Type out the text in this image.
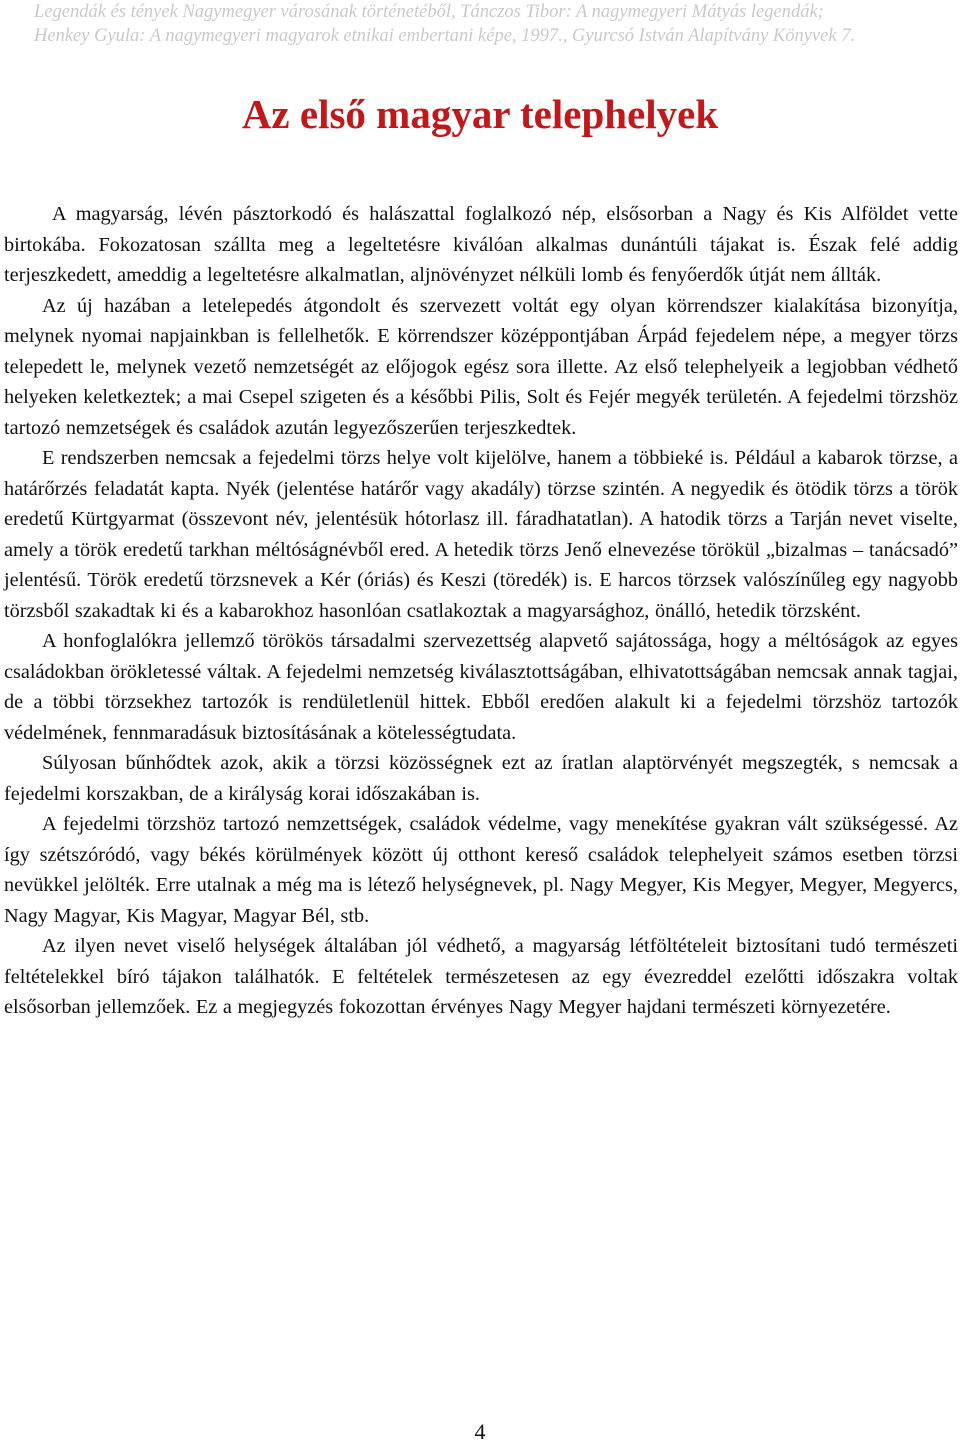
Legendák és tények Nagymegyer városának történetéből, Tánczos Tibor: A nagymegyeri Mátyás legendák;
Henkey Gyula: A nagymegyeri magyarok etnikai embertani képe, 1997., Gyurcsó István Alapítvány Könyvek 7.
Az első magyar telephelyek

A magyarság, lévén pásztorkodó és halászattal foglalkozó nép, elsősorban a Nagy és Kis Alföldet vette birtokába. Fokozatosan szállta meg a legeltetésre kiválóan alkalmas dunántúli tájakat is. Észak felé addig terjeszkedett, ameddig a legeltetésre alkalmatlan, aljnövényzet nélküli lomb és fenyőerdők útját nem állták.

Az új hazában a letelepedés átgondolt és szervezett voltát egy olyan körrendszer kialakítása bizonyítja, melynek nyomai napjainkban is fellelhetők. E körrendszer középpontjában Árpád fejedelem népe, a megyer törzs telepedett le, melynek vezető nemzetségét az előjogok egész sora illette. Az első telephelyeik a legjobban védhető helyeken keletkeztek; a mai Csepel szigeten és a későbbi Pilis, Solt és Fejér megyék területén. A fejedelmi törzshöz tartozó nemzetségek és családok azután legyezőszerűen terjeszkedtek.

E rendszerben nemcsak a fejedelmi törzs helye volt kijelölve, hanem a többieké is. Például a kabarok törzse, a határőrzés feladatát kapta. Nyék (jelentése határőr vagy akadály) törzse szintén. A negyedik és ötödik törzs a török eredetű Kürtgyarmat (összevont név, jelentésük hótorlasz ill. fáradhatatlan). A hatodik törzs a Tarján nevet viselte, amely a török eredetű tarkhan méltóságnévből ered. A hetedik törzs Jenő elnevezése törökül „bizalmas – tanácsadó” jelentésű. Török eredetű törzsnevek a Kér (óriás) és Keszi (töredék) is. E harcos törzsek valószínűleg egy nagyobb törzsből szakadtak ki és a kabarokhoz hasonlóan csatlakoztak a magyarsághoz, önálló, hetedik törzsként.

A honfoglalókra jellemző törökös társadalmi szervezettség alapvető sajátossága, hogy a méltóságok az egyes családokban örökletessé váltak. A fejedelmi nemzetség kiválasztottságában, elhivatottságában nemcsak annak tagjai, de a többi törzsekhez tartozók is rendületlenül hittek. Ebből eredően alakult ki a fejedelmi törzshöz tartozók védelmének, fennmaradásuk biztosításának a kötelességtudata.

Súlyosan bűnhődtek azok, akik a törzsi közösségnek ezt az íratlan alaptörvényét megszegték, s nemcsak a fejedelmi korszakban, de a királyság korai időszakában is.

A fejedelmi törzshöz tartozó nemzettségek, családok védelme, vagy menekítése gyakran vált szükségessé. Az így szétszóródó, vagy békés körülmények között új otthont kereső családok telephelyeit számos esetben törzsi nevükkel jelölték. Erre utalnak a még ma is létező helységnevek, pl. Nagy Megyer, Kis Megyer, Megyer, Megyercs, Nagy Magyar, Kis Magyar, Magyar Bél, stb.

Az ilyen nevet viselő helységek általában jól védhető, a magyarság létföltételeit biztosítani tudó természeti feltételekkel bíró tájakon találhatók. E feltételek természetesen az egy évezreddel ezelőtti időszakra voltak elsősorban jellemzőek. Ez a megjegyzés fokozottan érvényes Nagy Megyer hajdani természeti környezetére.

4
